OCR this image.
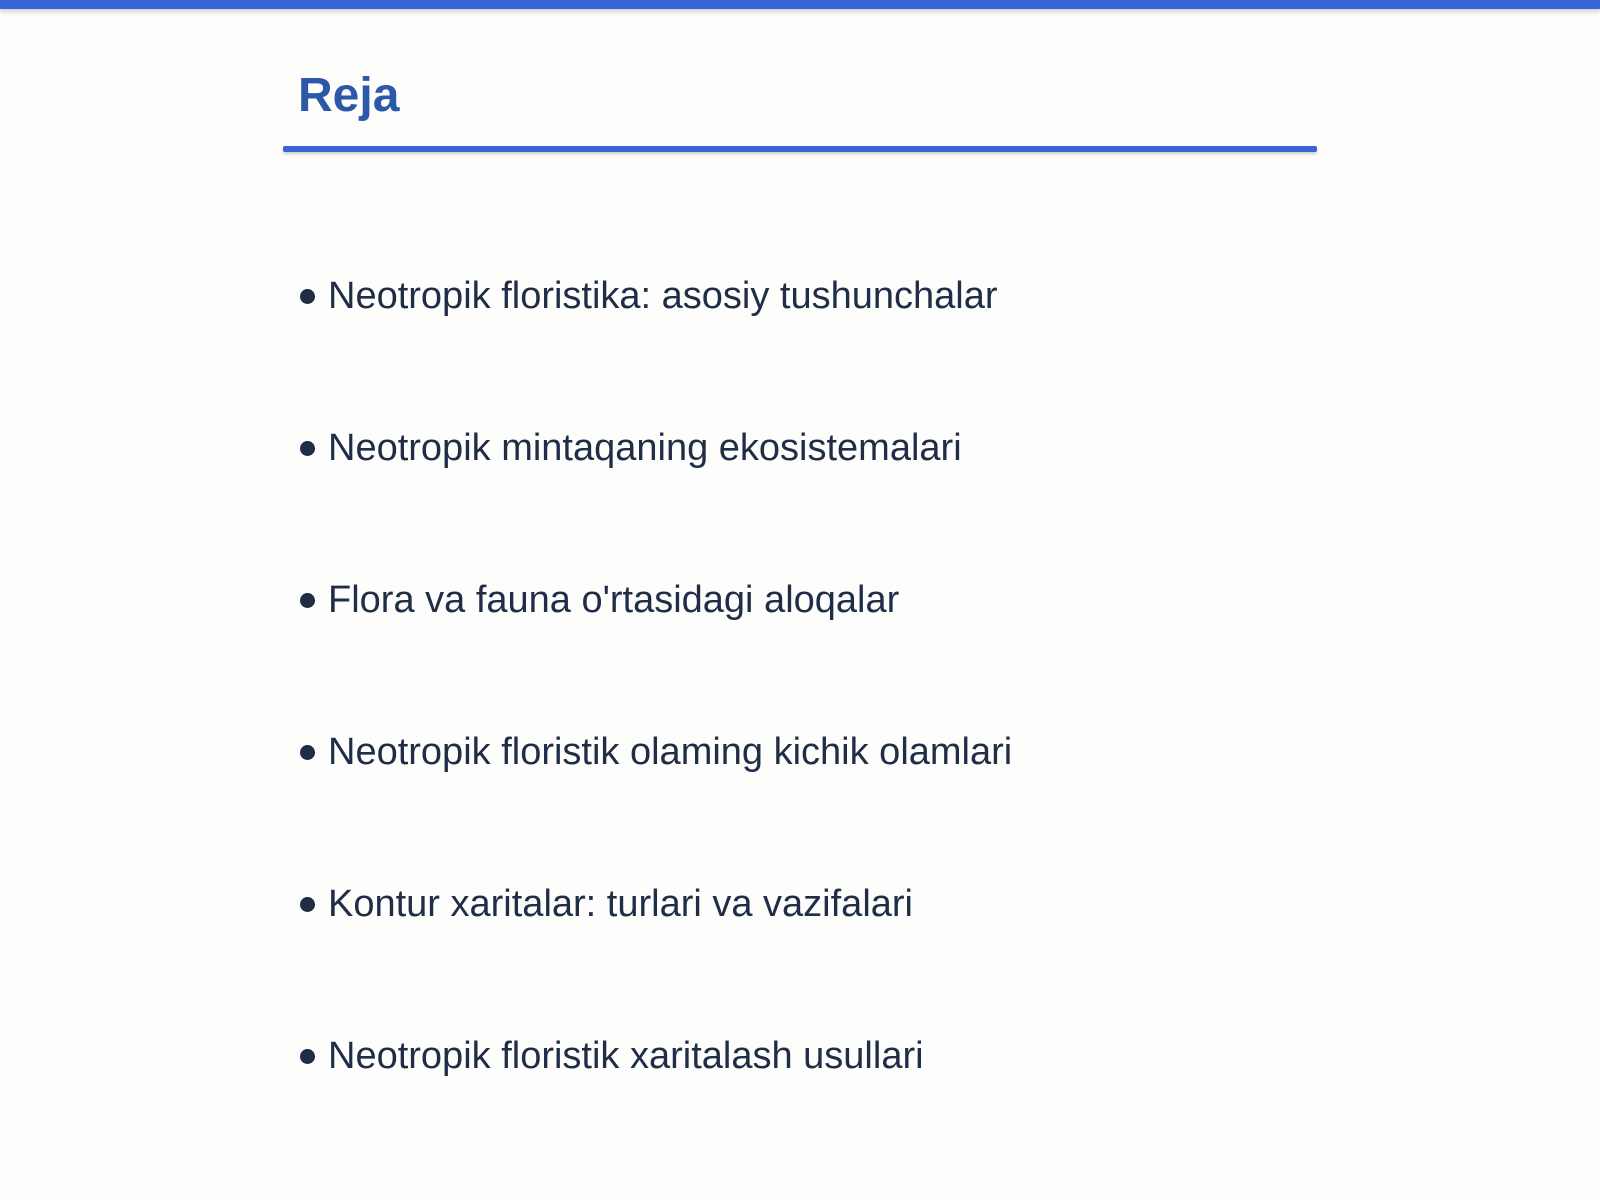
Reja
Neotropik floristika: asosiy tushunchalar
Neotropik mintaqaning ekosistemalari
Flora va fauna o'rtasidagi aloqalar
Neotropik floristik olaming kichik olamlari
Kontur xaritalar: turlari va vazifalari
Neotropik floristik xaritalash usullari
